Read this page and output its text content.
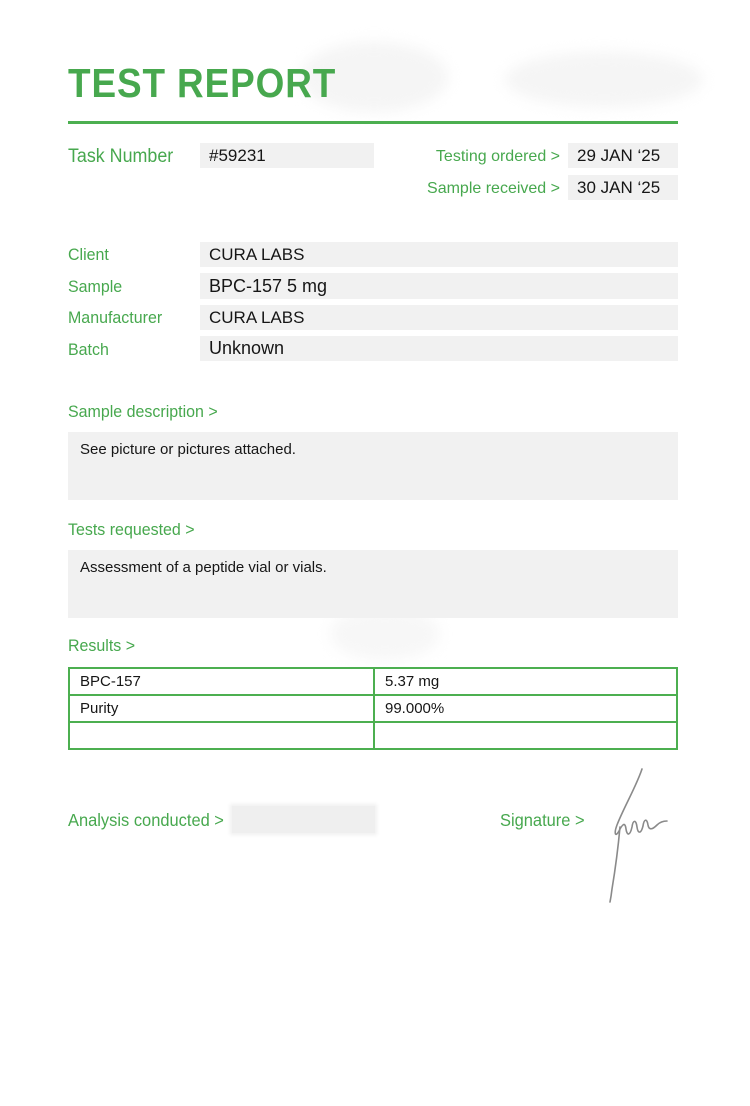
TEST REPORT
Task Number	#59231	Testing ordered >	29 JAN ‘25
Sample received >	30 JAN ‘25
Client	CURA LABS
Sample	BPC-157 5 mg
Manufacturer	CURA LABS
Batch	Unknown
Sample description >
See picture or pictures attached.
Tests requested >
Assessment of a peptide vial or vials.
Results >
BPC-157	5.37 mg
Purity	99.000%

Analysis conducted >	Signature >
